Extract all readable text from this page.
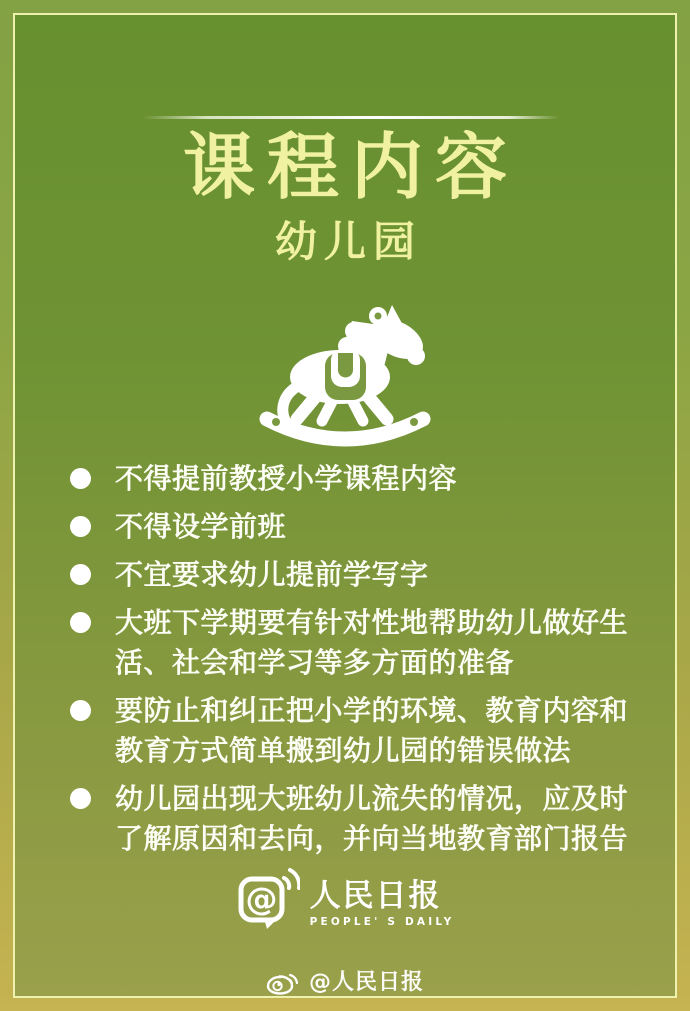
课程内容
幼儿园
不得提前教授小学课程内容
不得设学前班
不宜要求幼儿提前学写字
大班下学期要有针对性地帮助幼儿做好生活、社会和学习等多方面的准备
要防止和纠正把小学的环境、教育内容和教育方式简单搬到幼儿园的错误做法
幼儿园出现大班幼儿流失的情况，应及时了解原因和去向，并向当地教育部门报告
@ 人民日报
PEOPLE' S DAILY
@人民日报
